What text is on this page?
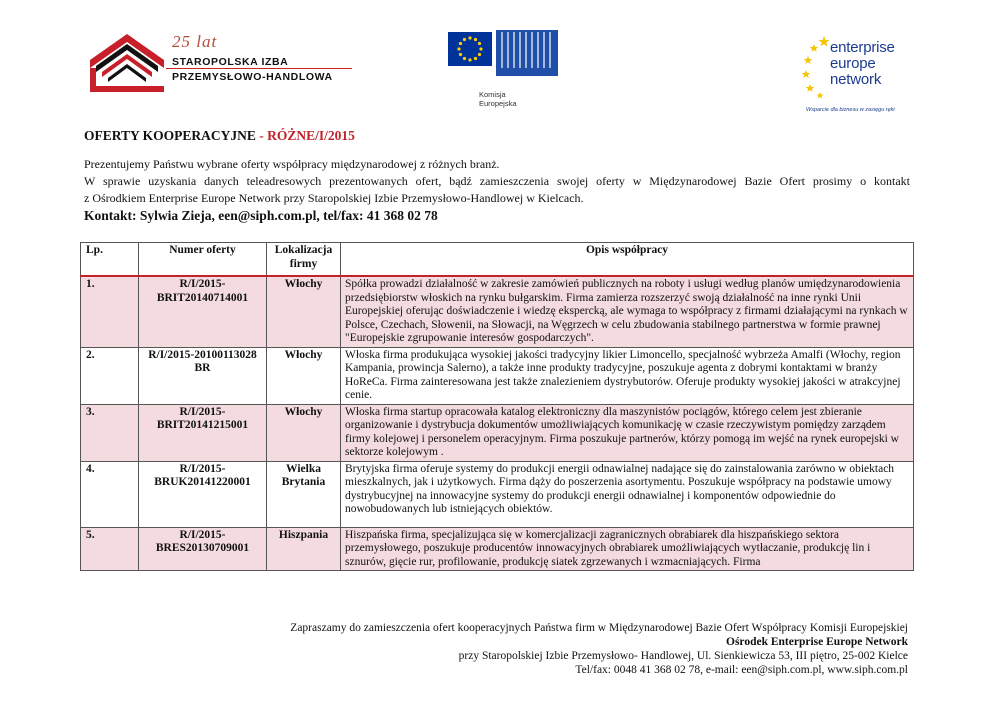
25 lat
STAROPOLSKA IZBA
PRZEMYSŁOWO-HANDLOWA
Komisja
Europejska
enterprise
europe
network
Wsparcie dla biznesu w zasięgu ręki
OFERTY KOOPERACYJNE - RÓŻNE/I/2015
Prezentujemy Państwu wybrane oferty współpracy międzynarodowej z różnych branż.
W sprawie uzyskania danych teleadresowych prezentowanych ofert, bądź zamieszczenia swojej oferty w Międzynarodowej Bazie Ofert prosimy o kontakt
z Ośrodkiem Enterprise Europe Network przy Staropolskiej Izbie Przemysłowo-Handlowej w Kielcach.
Kontakt: Sylwia Zieja, een@siph.com.pl, tel/fax: 41 368 02 78
Lp.	Numer oferty	Lokalizacja firmy	Opis współpracy
1.	R/I/2015-BRIT20140714001	Włochy	Spółka prowadzi działalność w zakresie zamówień publicznych na roboty i usługi według planów umiędzynarodowienia przedsiębiorstw włoskich na rynku bułgarskim. Firma zamierza rozszerzyć swoją działalność na inne rynki Unii Europejskiej oferując doświadczenie i wiedzę ekspercką, ale wymaga to współpracy z firmami działającymi na rynkach w Polsce, Czechach, Słowenii, na Słowacji, na Węgrzech w celu zbudowania stabilnego partnerstwa w formie prawnej "Europejskie zgrupowanie interesów gospodarczych".
2.	R/I/2015-20100113028 BR	Włochy	Włoska firma produkująca wysokiej jakości tradycyjny likier Limoncello, specjalność wybrzeża Amalfi (Włochy, region Kampania, prowincja Salerno), a także inne produkty tradycyjne, poszukuje agenta z dobrymi kontaktami w branży HoReCa. Firma zainteresowana jest także znalezieniem dystrybutorów. Oferuje produkty wysokiej jakości w atrakcyjnej cenie.
3.	R/I/2015-BRIT20141215001	Włochy	Włoska firma startup opracowała katalog elektroniczny dla maszynistów pociągów, którego celem jest zbieranie organizowanie i dystrybucja dokumentów umożliwiających komunikację w czasie rzeczywistym pomiędzy zarządem firmy kolejowej i personelem operacyjnym. Firma poszukuje partnerów, którzy pomogą im wejść na rynek europejski w sektorze kolejowym .
4.	R/I/2015-BRUK20141220001	Wielka Brytania	Brytyjska firma oferuje systemy do produkcji energii odnawialnej nadające się do zainstalowania zarówno w obiektach mieszkalnych, jak i użytkowych. Firma dąży do poszerzenia asortymentu. Poszukuje współpracy na podstawie umowy dystrybucyjnej na innowacyjne systemy do produkcji energii odnawialnej i komponentów odpowiednie do nowobudowanych lub istniejących obiektów.
5.	R/I/2015-BRES20130709001	Hiszpania	Hiszpańska firma, specjalizująca się w komercjalizacji zagranicznych obrabiarek dla hiszpańskiego sektora przemysłowego, poszukuje producentów innowacyjnych obrabiarek umożliwiających wytłaczanie, produkcję lin i sznurów, gięcie rur, profilowanie, produkcję siatek zgrzewanych i wzmacniających. Firma
Zapraszamy do zamieszczenia ofert kooperacyjnych Państwa firm w Międzynarodowej Bazie Ofert Współpracy Komisji Europejskiej
Ośrodek Enterprise Europe Network
przy Staropolskiej Izbie Przemysłowo- Handlowej, Ul. Sienkiewicza 53, III piętro, 25-002 Kielce
Tel/fax: 0048 41 368 02 78, e-mail: een@siph.com.pl, www.siph.com.pl
